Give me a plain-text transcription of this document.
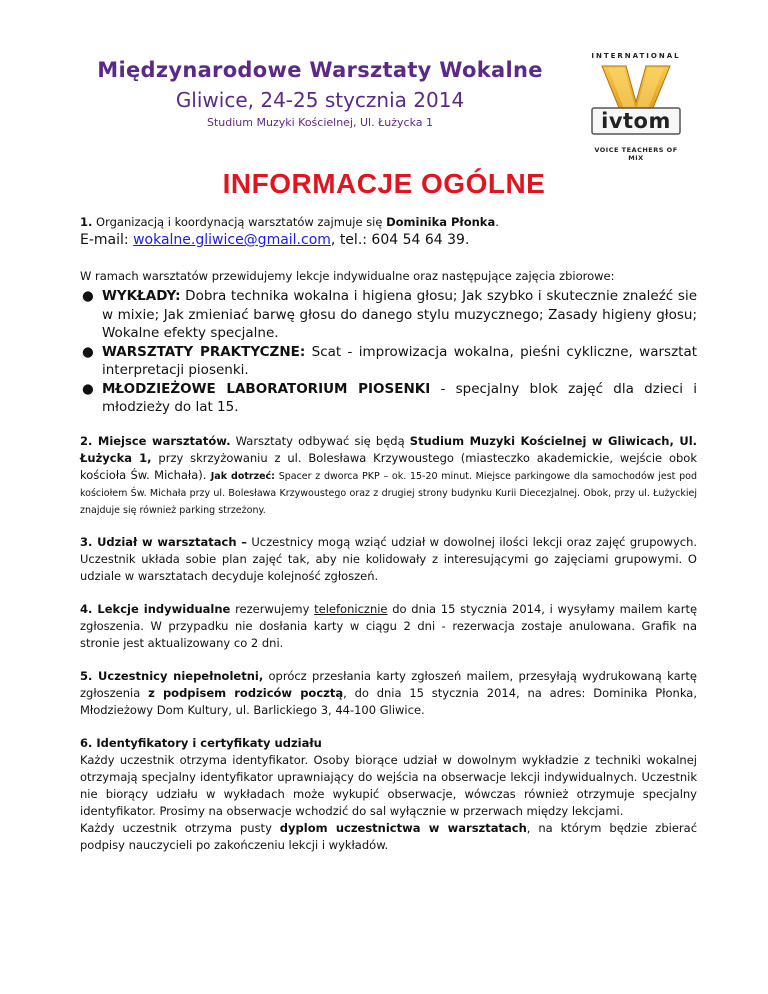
Międzynarodowe Warsztaty Wokalne
Gliwice, 24-25 stycznia 2014
Studium Muzyki Kościelnej, Ul. Łużycka 1
INTERNATIONAL
ivtom
VOICE TEACHERS OF MIX
INFORMACJE OGÓLNE

1. Organizacją i koordynacją warsztatów zajmuje się Dominika Płonka.

E-mail: wokalne.gliwice@gmail.com, tel.: 604 54 64 39.

W ramach warsztatów przewidujemy lekcje indywidualne oraz następujące zajęcia zbiorowe:

● WYKŁADY: Dobra technika wokalna i higiena głosu; Jak szybko i skutecznie znaleźć sie w mixie; Jak zmieniać barwę głosu do danego stylu muzycznego; Zasady higieny głosu; Wokalne efekty specjalne.
● WARSZTATY PRAKTYCZNE: Scat - improwizacja wokalna, pieśni cykliczne, warsztat interpretacji piosenki.
● MŁODZIEŻOWE LABORATORIUM PIOSENKI - specjalny blok zajęć dla dzieci i młodzieży do lat 15.

2. Miejsce warsztatów. Warsztaty odbywać się będą Studium Muzyki Kościelnej w Gliwicach, Ul. Łużycka 1, przy skrzyżowaniu z ul. Bolesława Krzywoustego (miasteczko akademickie, wejście obok kościoła Św. Michała). Jak dotrzeć: Spacer z dworca PKP – ok. 15-20 minut. Miejsce parkingowe dla samochodów jest pod kościołem Św. Michała przy ul. Bolesława Krzywoustego oraz z drugiej strony budynku Kurii Diecezjalnej. Obok, przy ul. Łużyckiej znajduje się również parking strzeżony.

3. Udział w warsztatach – Uczestnicy mogą wziąć udział w dowolnej ilości lekcji oraz zajęć grupowych. Uczestnik układa sobie plan zajęć tak, aby nie kolidowały z interesującymi go zajęciami grupowymi. O udziale w warsztatach decyduje kolejność zgłoszeń.

4. Lekcje indywidualne rezerwujemy telefonicznie do dnia 15 stycznia 2014, i wysyłamy mailem kartę zgłoszenia. W przypadku nie dosłania karty w ciągu 2 dni - rezerwacja zostaje anulowana. Grafik na stronie jest aktualizowany co 2 dni.

5. Uczestnicy niepełnoletni, oprócz przesłania karty zgłoszeń mailem, przesyłają wydrukowaną kartę zgłoszenia z podpisem rodziców pocztą, do dnia 15 stycznia 2014, na adres: Dominika Płonka, Młodzieżowy Dom Kultury, ul. Barlickiego 3, 44-100 Gliwice.

6. Identyfikatory i certyfikaty udziału

Każdy uczestnik otrzyma identyfikator. Osoby biorące udział w dowolnym wykładzie z techniki wokalnej otrzymają specjalny identyfikator uprawniający do wejścia na obserwacje lekcji indywidualnych. Uczestnik nie biorący udziału w wykładach może wykupić obserwacje, wówczas również otrzymuje specjalny identyfikator. Prosimy na obserwacje wchodzić do sal wyłącznie w przerwach między lekcjami.

Każdy uczestnik otrzyma pusty dyplom uczestnictwa w warsztatach, na którym będzie zbierać podpisy nauczycieli po zakończeniu lekcji i wykładów.
